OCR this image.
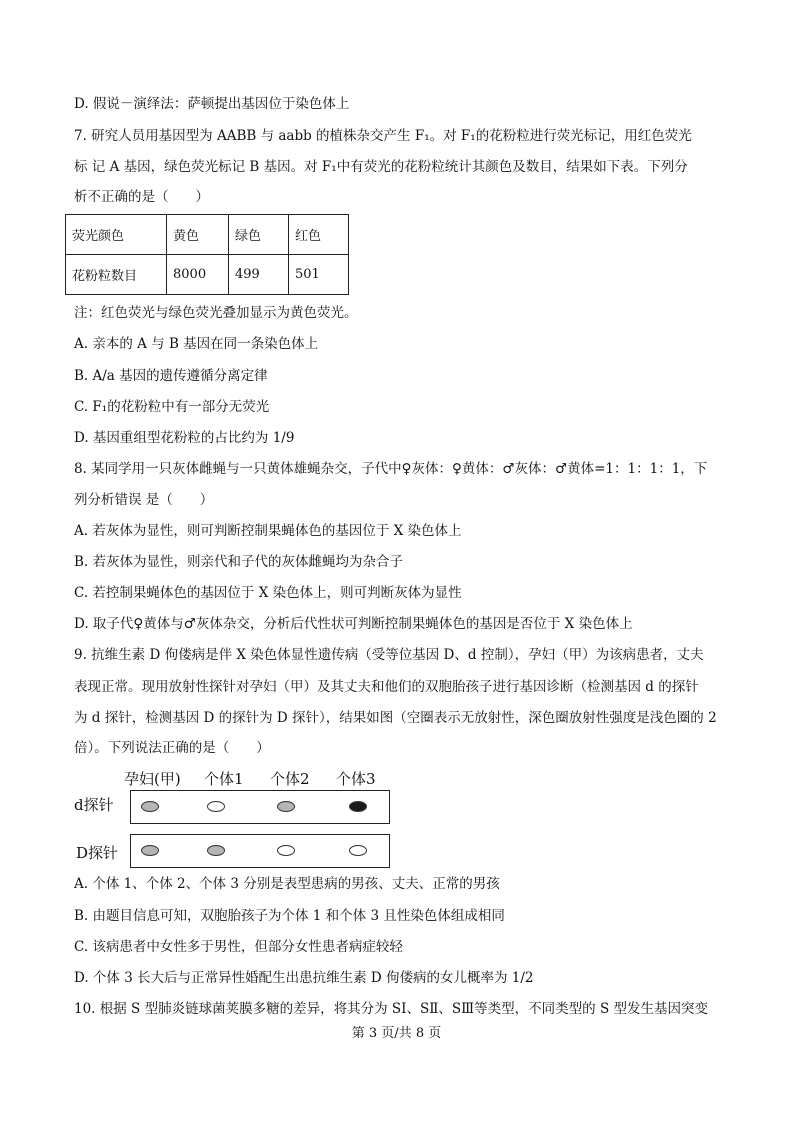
D. 假说－演绎法：萨顿提出基因位于染色体上
7. 研究人员用基因型为 AABB 与 aabb 的植株杂交产生 F₁。对 F₁的花粉粒进行荧光标记，用红色荧光
标 记 A 基因，绿色荧光标记 B 基因。对 F₁中有荧光的花粉粒统计其颜色及数目，结果如下表。下列分
析不正确的是（　　）
荧光颜色	黄色	绿色	红色
花粉粒数目	8000	499	501
注：红色荧光与绿色荧光叠加显示为黄色荧光。
A. 亲本的 A 与 B 基因在同一条染色体上
B. A/a 基因的遗传遵循分离定律
C. F₁的花粉粒中有一部分无荧光
D. 基因重组型花粉粒的占比约为 1/9
8. 某同学用一只灰体雌蝇与一只黄体雄蝇杂交，子代中♀灰体：♀黄体：♂灰体：♂黄体=1：1：1：1，下
列分析错误 是（　　）
A. 若灰体为显性，则可判断控制果蝇体色的基因位于 X 染色体上
B. 若灰体为显性，则亲代和子代的灰体雌蝇均为杂合子
C. 若控制果蝇体色的基因位于 X 染色体上，则可判断灰体为显性
D. 取子代♀黄体与♂灰体杂交，分析后代性状可判断控制果蝇体色的基因是否位于 X 染色体上
9. 抗维生素 D 佝偻病是伴 X 染色体显性遗传病（受等位基因 D、d 控制），孕妇（甲）为该病患者，丈夫
表现正常。现用放射性探针对孕妇（甲）及其丈夫和他们的双胞胎孩子进行基因诊断（检测基因 d 的探针
为 d 探针，检测基因 D 的探针为 D 探针），结果如图（空圈表示无放射性，深色圈放射性强度是浅色圈的 2
倍）。下列说法正确的是（　　）
孕妇(甲) 个体1 个体2 个体3
d探针
D探针
A. 个体 1、个体 2、个体 3 分别是表型患病的男孩、丈夫、正常的男孩
B. 由题目信息可知，双胞胎孩子为个体 1 和个体 3 且性染色体组成相同
C. 该病患者中女性多于男性，但部分女性患者病症较轻
D. 个体 3 长大后与正常异性婚配生出患抗维生素 D 佝偻病的女儿概率为 1/2
10. 根据 S 型肺炎链球菌荚膜多糖的差异，将其分为 SⅠ、SⅡ、SⅢ等类型，不同类型的 S 型发生基因突变
第 3 页/共 8 页
